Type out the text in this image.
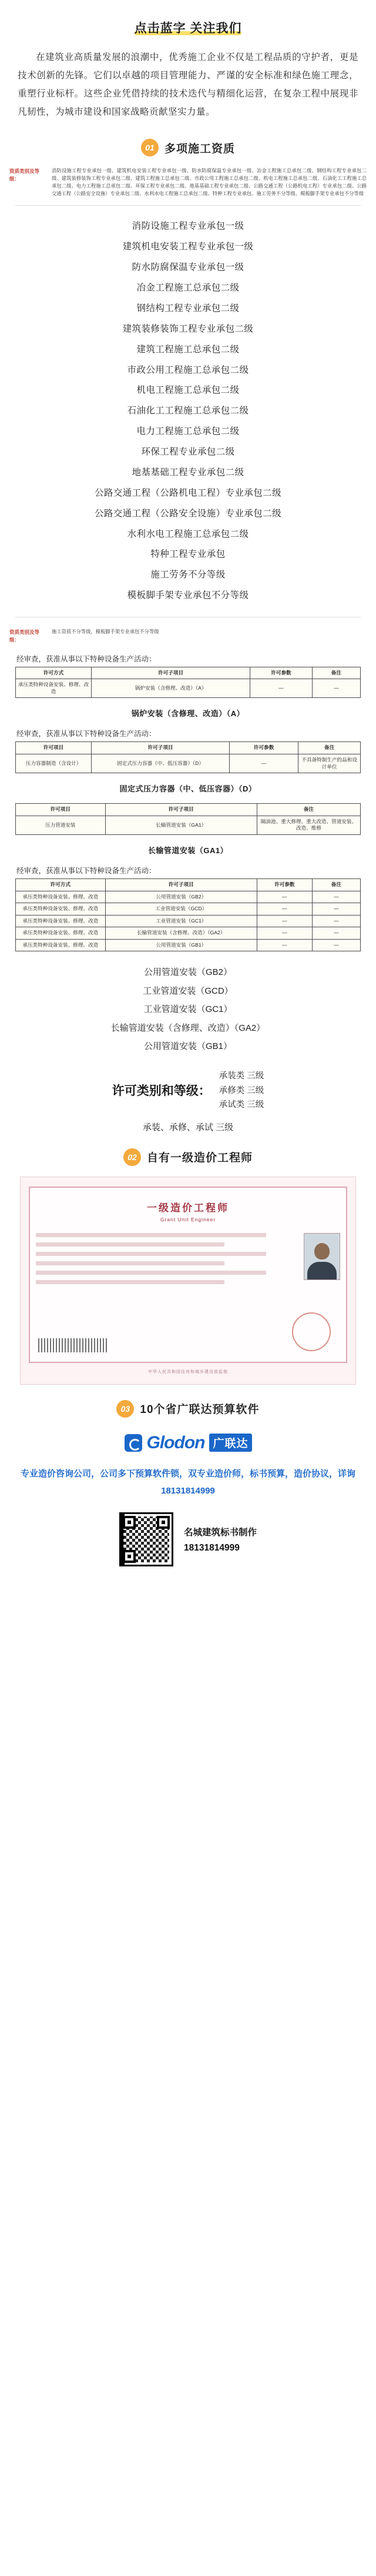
点击蓝字 关注我们
在建筑业高质量发展的浪潮中，优秀施工企业不仅是工程品质的守护者，更是技术创新的先锋。它们以卓越的项目管理能力、严谨的安全标准和绿色施工理念，重塑行业标杆。这些企业凭借持续的技术迭代与精细化运营，在复杂工程中展现非凡韧性，为城市建设和国家战略贡献坚实力量。
01 多项施工资质
资质类别及等级：
消防设施工程专业承包一级、建筑机电安装工程专业承包一级、防水防腐保温专业承包一级、冶金工程施工总承包二级、钢结构工程专业承包二级、建筑装修装饰工程专业承包二级、建筑工程施工总承包二级、市政公用工程施工总承包二级、机电工程施工总承包二级、石油化工工程施工总承包二级、电力工程施工总承包二级、环保工程专业承包二级、地基基础工程专业承包二级、公路交通工程（公路机电工程）专业承包二级、公路交通工程（公路安全设施）专业承包二级、水利水电工程施工总承包二级、特种工程专业承包、施工劳务不分等级、模板脚手架专业承包不分等级
消防设施工程专业承包一级
建筑机电安装工程专业承包一级
防水防腐保温专业承包一级
冶金工程施工总承包二级
钢结构工程专业承包二级
建筑装修装饰工程专业承包二级
建筑工程施工总承包二级
市政公用工程施工总承包二级
机电工程施工总承包二级
石油化工工程施工总承包二级
电力工程施工总承包二级
环保工程专业承包二级
地基基础工程专业承包二级
公路交通工程（公路机电工程）专业承包二级
公路交通工程（公路安全设施）专业承包二级
水利水电工程施工总承包二级
特种工程专业承包
施工劳务不分等级
模板脚手架专业承包不分等级
资质类别及等级：
施工资质不分等级，模板脚手架专业承包不分等级
经审查，获准从事以下特种设备生产活动：
许可方式	许可子项目	许可参数	备注
承压类特种设备安装、修理、改造	锅炉安装（含修理、改造）（A）	—	—
锅炉安装（含修理、改造）（A）
经审查，获准从事以下特种设备生产活动：
许可项目	许可子项目	许可参数	备注
压力容器制造（含设计）	固定式压力容器（中、低压容器）（D）	—	不具备特制生产的品和设计单位
固定式压力容器（中、低压容器）（D）
许可项目	许可子项目	备注
压力管道安装	长输管道安装（GA1）	隔油池、重大修理、重大改造、管道安装、改造、维修
长输管道安装（GA1）
经审查，获准从事以下特种设备生产活动：
许可方式	许可子项目	许可参数	备注
承压类特种设备安装、修理、改造	公用管道安装（GB2）	—	—
承压类特种设备安装、修理、改造	工业管道安装（GCD）	—	—
承压类特种设备安装、修理、改造	工业管道安装（GC1）	—	—
承压类特种设备安装、修理、改造	长输管道安装（含修理、改造）（GA2）	—	—
承压类特种设备安装、修理、改造	公用管道安装（GB1）	—	—
公用管道安装（GB2）
工业管道安装（GCD）
工业管道安装（GC1）
长输管道安装（含修理、改造）（GA2）
公用管道安装（GB1）
许可类别和等级：
承装类 三级
承修类 三级
承试类 三级
承装、承修、承试 三级
02 自有一级造价工程师
一级造价工程师
Grant Unit Engineer
中华人民共和国住房和城乡建设部监制
03 10个省广联达预算软件
Glodon 广联达
专业造价咨询公司，公司多下预算软件锁，双专业造价师，标书预算，造价协议，详询18131814999
名城建筑标书制作
18131814999
